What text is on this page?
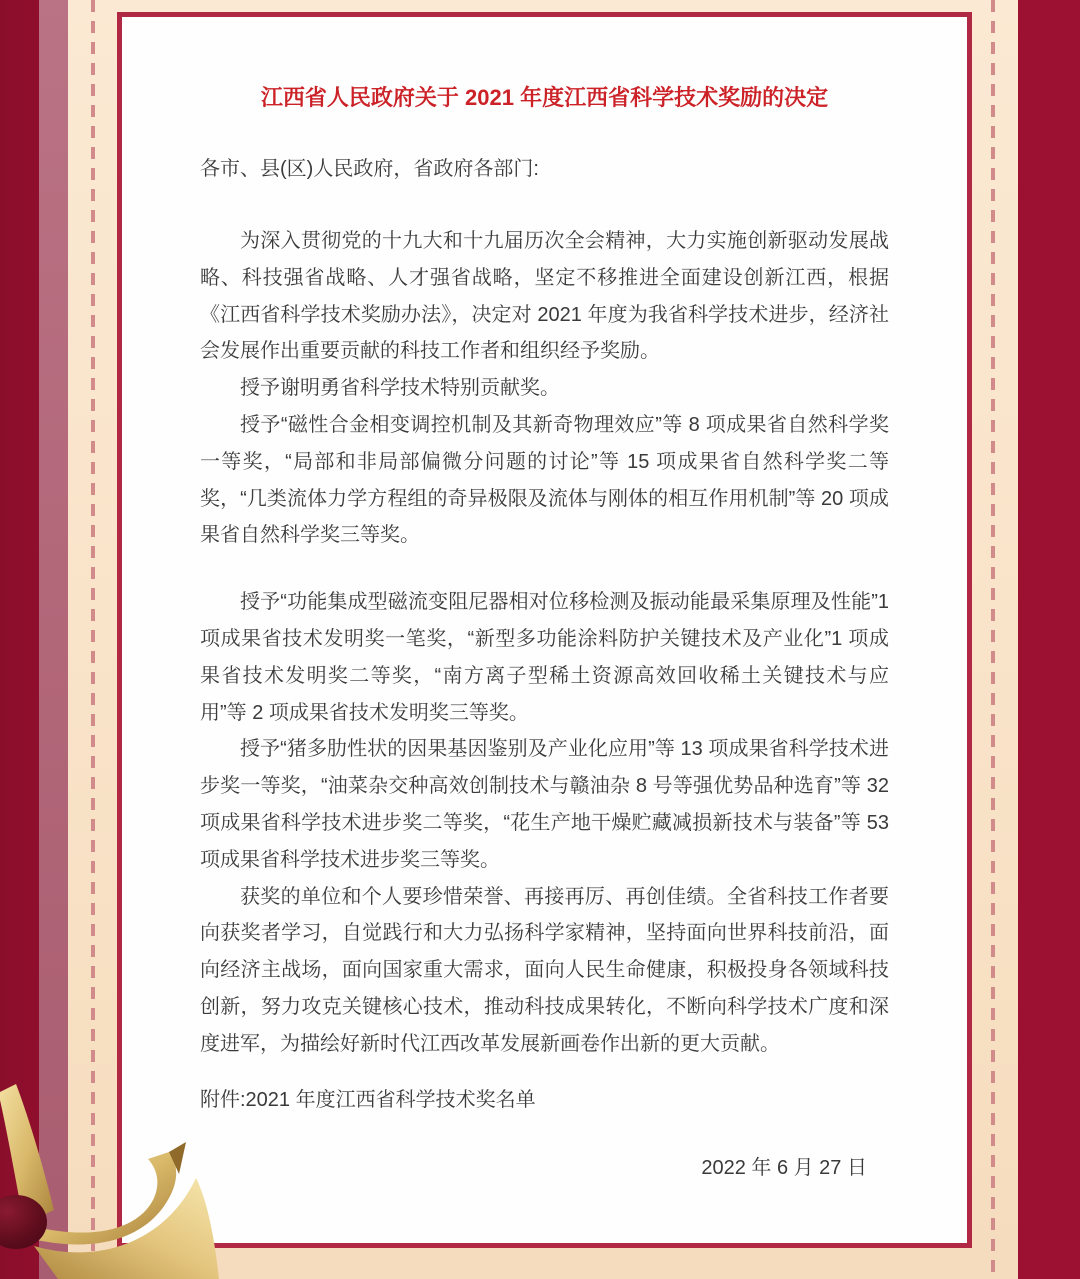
江西省人民政府关于 2021 年度江西省科学技术奖励的决定

各市、县(区)人民政府，省政府各部门:

为深入贯彻党的十九大和十九届历次全会精神，大力实施创新驱动发展战略、科技强省战略、人才强省战略，坚定不移推进全面建设创新江西，根据《江西省科学技术奖励办法》，决定对 2021 年度为我省科学技术进步，经济社会发展作出重要贡献的科技工作者和组织经予奖励。

授予谢明勇省科学技术特别贡献奖。

授予“磁性合金相变调控机制及其新奇物理效应”等 8 项成果省自然科学奖一等奖，“局部和非局部偏微分问题的讨论”等 15 项成果省自然科学奖二等奖，“几类流体力学方程组的奇异极限及流体与刚体的相互作用机制”等 20 项成果省自然科学奖三等奖。

授予“功能集成型磁流变阻尼器相对位移检测及振动能最采集原理及性能”1 项成果省技术发明奖一笔奖，“新型多功能涂料防护关键技术及产业化”1 项成果省技术发明奖二等奖，“南方离子型稀土资源高效回收稀土关键技术与应用”等 2 项成果省技术发明奖三等奖。

授予“猪多肋性状的因果基因鉴别及产业化应用”等 13 项成果省科学技术进步奖一等奖，“油菜杂交种高效创制技术与赣油杂 8 号等强优势品种选育”等 32 项成果省科学技术进步奖二等奖，“花生产地干燥贮藏减损新技术与装备”等 53 项成果省科学技术进步奖三等奖。

获奖的单位和个人要珍惜荣誉、再接再厉、再创佳绩。全省科技工作者要向获奖者学习，自觉践行和大力弘扬科学家精神，坚持面向世界科技前沿，面向经济主战场，面向国家重大需求，面向人民生命健康，积极投身各领域科技创新，努力攻克关键核心技术，推动科技成果转化，不断向科学技术广度和深度进军，为描绘好新时代江西改革发展新画卷作出新的更大贡献。

附件:2021 年度江西省科学技术奖名单

2022 年 6 月 27 日
